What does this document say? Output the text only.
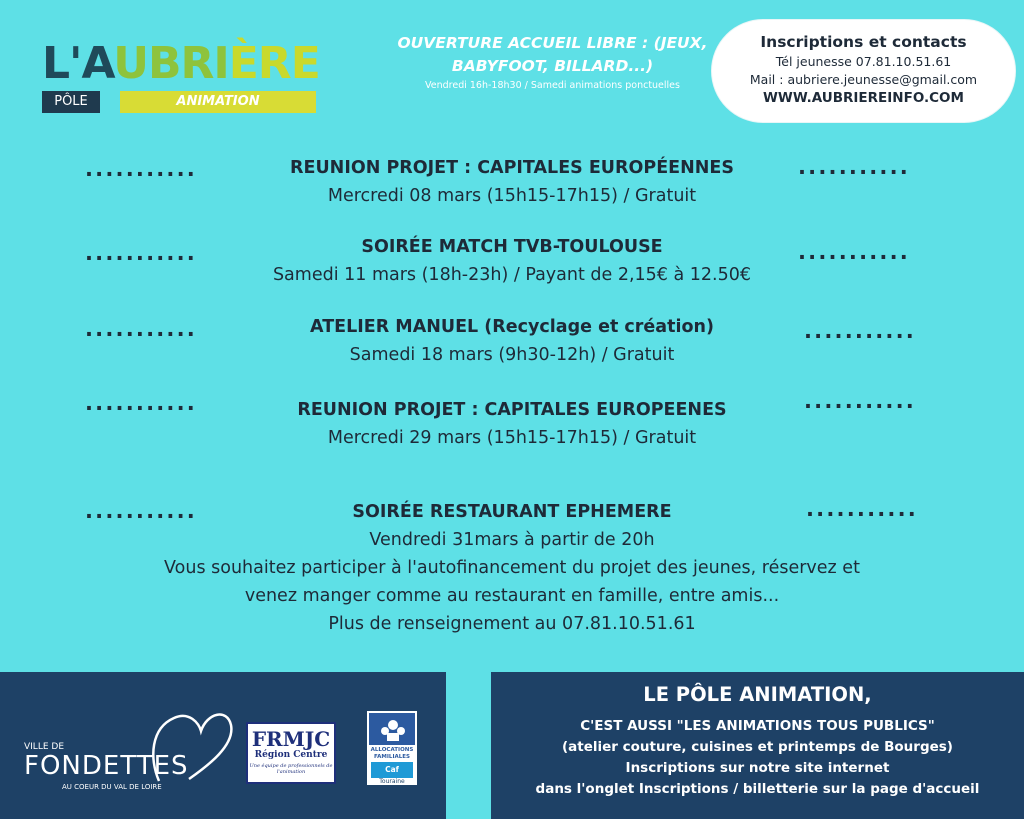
L'AUBRIÈRE
PÔLE	ANIMATION
OUVERTURE ACCUEIL LIBRE : (JEUX, BABYFOOT, BILLARD...)
Vendredi 16h-18h30 / Samedi animations ponctuelles
Inscriptions et contacts
Tél jeunesse 07.81.10.51.61
Mail : aubriere.jeunesse@gmail.com
WWW.AUBRIEREINFO.COM
REUNION PROJET : CAPITALES EUROPÉENNES
Mercredi 08 mars (15h15-17h15) / Gratuit
SOIRÉE MATCH TVB-TOULOUSE
Samedi 11 mars (18h-23h) / Payant de 2,15€ à 12.50€
ATELIER MANUEL (Recyclage et création)
Samedi 18 mars (9h30-12h) / Gratuit
REUNION PROJET : CAPITALES EUROPEENES
Mercredi 29 mars (15h15-17h15) / Gratuit
SOIRÉE RESTAURANT EPHEMERE
Vendredi 31mars à partir de 20h
Vous souhaitez participer à l'autofinancement du projet des jeunes, réservez et
venez manger comme au restaurant en famille, entre amis...
Plus de renseignement au 07.81.10.51.61
...........	...........
...........	...........
...........	...........
...........	...........
...........	...........
VILLE DE
FONDETTES
AU COEUR DU VAL DE LOIRE
FRMJC
Région Centre
Une équipe de professionnels de l'animation
ALLOCATIONS FAMILIALES
Caf
Touraine
LE PÔLE ANIMATION,
C'EST AUSSI "LES ANIMATIONS TOUS PUBLICS"
(atelier couture, cuisines et printemps de Bourges)
Inscriptions sur notre site internet
dans l'onglet Inscriptions / billetterie sur la page d'accueil
